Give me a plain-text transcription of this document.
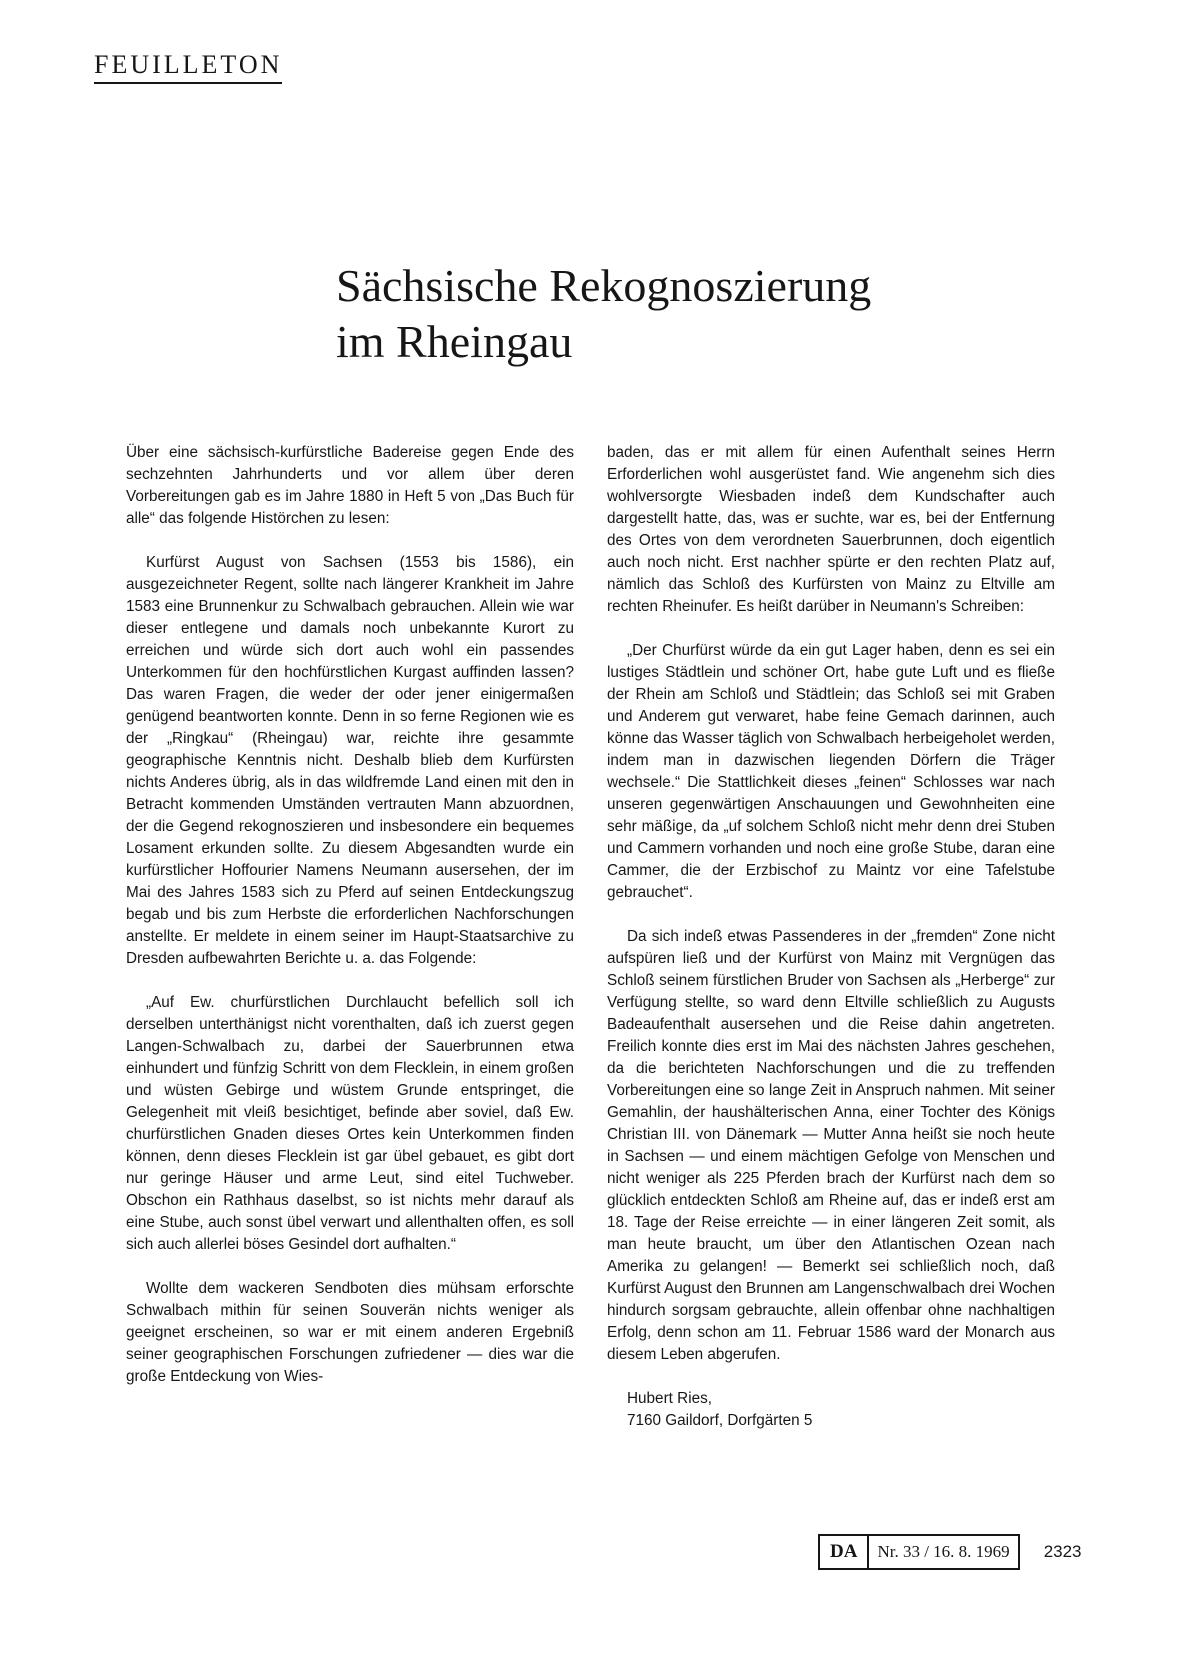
FEUILLETON
Sächsische Rekognoszierung
im Rheingau

Über eine sächsisch-kurfürstliche Badereise gegen Ende des sechzehnten Jahrhunderts und vor allem über deren Vorbereitungen gab es im Jahre 1880 in Heft 5 von „Das Buch für alle“ das folgende Histörchen zu lesen:

Kurfürst August von Sachsen (1553 bis 1586), ein ausgezeichneter Regent, sollte nach längerer Krankheit im Jahre 1583 eine Brunnenkur zu Schwalbach gebrauchen. Allein wie war dieser entlegene und damals noch unbekannte Kurort zu erreichen und würde sich dort auch wohl ein passendes Unterkommen für den hochfürstlichen Kurgast auffinden lassen? Das waren Fragen, die weder der oder jener einigermaßen genügend beantworten konnte. Denn in so ferne Regionen wie es der „Ringkau“ (Rheingau) war, reichte ihre gesammte geographische Kenntnis nicht. Deshalb blieb dem Kurfürsten nichts Anderes übrig, als in das wildfremde Land einen mit den in Betracht kommenden Umständen vertrauten Mann abzuordnen, der die Gegend rekognoszieren und insbesondere ein bequemes Losament erkunden sollte. Zu diesem Abgesandten wurde ein kurfürstlicher Hoffourier Namens Neumann ausersehen, der im Mai des Jahres 1583 sich zu Pferd auf seinen Entdeckungszug begab und bis zum Herbste die erforderlichen Nachforschungen anstellte. Er meldete in einem seiner im Haupt-Staatsarchive zu Dresden aufbewahrten Berichte u. a. das Folgende:

„Auf Ew. churfürstlichen Durchlaucht befellich soll ich derselben unterthänigst nicht vorenthalten, daß ich zuerst gegen Langen-Schwalbach zu, darbei der Sauerbrunnen etwa einhundert und fünfzig Schritt von dem Flecklein, in einem großen und wüsten Gebirge und wüstem Grunde entspringet, die Gelegenheit mit vleiß besichtiget, befinde aber soviel, daß Ew. churfürstlichen Gnaden dieses Ortes kein Unterkommen finden können, denn dieses Flecklein ist gar übel gebauet, es gibt dort nur geringe Häuser und arme Leut, sind eitel Tuchweber. Obschon ein Rathhaus daselbst, so ist nichts mehr darauf als eine Stube, auch sonst übel verwart und allenthalten offen, es soll sich auch allerlei böses Gesindel dort aufhalten.“

Wollte dem wackeren Sendboten dies mühsam erforschte Schwalbach mithin für seinen Souverän nichts weniger als geeignet erscheinen, so war er mit einem anderen Ergebniß seiner geographischen Forschungen zufriedener — dies war die große Entdeckung von Wies-

baden, das er mit allem für einen Aufenthalt seines Herrn Erforderlichen wohl ausgerüstet fand. Wie angenehm sich dies wohlversorgte Wiesbaden indeß dem Kundschafter auch dargestellt hatte, das, was er suchte, war es, bei der Entfernung des Ortes von dem verordneten Sauerbrunnen, doch eigentlich auch noch nicht. Erst nachher spürte er den rechten Platz auf, nämlich das Schloß des Kurfürsten von Mainz zu Eltville am rechten Rheinufer. Es heißt darüber in Neumann's Schreiben:

„Der Churfürst würde da ein gut Lager haben, denn es sei ein lustiges Städtlein und schöner Ort, habe gute Luft und es fließe der Rhein am Schloß und Städtlein; das Schloß sei mit Graben und Anderem gut verwaret, habe feine Gemach darinnen, auch könne das Wasser täglich von Schwalbach herbeigeholet werden, indem man in dazwischen liegenden Dörfern die Träger wechsele.“ Die Stattlichkeit dieses „feinen“ Schlosses war nach unseren gegenwärtigen Anschauungen und Gewohnheiten eine sehr mäßige, da „uf solchem Schloß nicht mehr denn drei Stuben und Cammern vorhanden und noch eine große Stube, daran eine Cammer, die der Erzbischof zu Maintz vor eine Tafelstube gebrauchet“.

Da sich indeß etwas Passenderes in der „fremden“ Zone nicht aufspüren ließ und der Kurfürst von Mainz mit Vergnügen das Schloß seinem fürstlichen Bruder von Sachsen als „Herberge“ zur Verfügung stellte, so ward denn Eltville schließlich zu Augusts Badeaufenthalt ausersehen und die Reise dahin angetreten. Freilich konnte dies erst im Mai des nächsten Jahres geschehen, da die berichteten Nachforschungen und die zu treffenden Vorbereitungen eine so lange Zeit in Anspruch nahmen. Mit seiner Gemahlin, der haushälterischen Anna, einer Tochter des Königs Christian III. von Dänemark — Mutter Anna heißt sie noch heute in Sachsen — und einem mächtigen Gefolge von Menschen und nicht weniger als 225 Pferden brach der Kurfürst nach dem so glücklich entdeckten Schloß am Rheine auf, das er indeß erst am 18. Tage der Reise erreichte — in einer längeren Zeit somit, als man heute braucht, um über den Atlantischen Ozean nach Amerika zu gelangen! — Bemerkt sei schließlich noch, daß Kurfürst August den Brunnen am Langenschwalbach drei Wochen hindurch sorgsam gebrauchte, allein offenbar ohne nachhaltigen Erfolg, denn schon am 11. Februar 1586 ward der Monarch aus diesem Leben abgerufen.

Hubert Ries,
7160 Gaildorf, Dorfgärten 5

DA	Nr. 33 / 16. 8. 1969	2323
